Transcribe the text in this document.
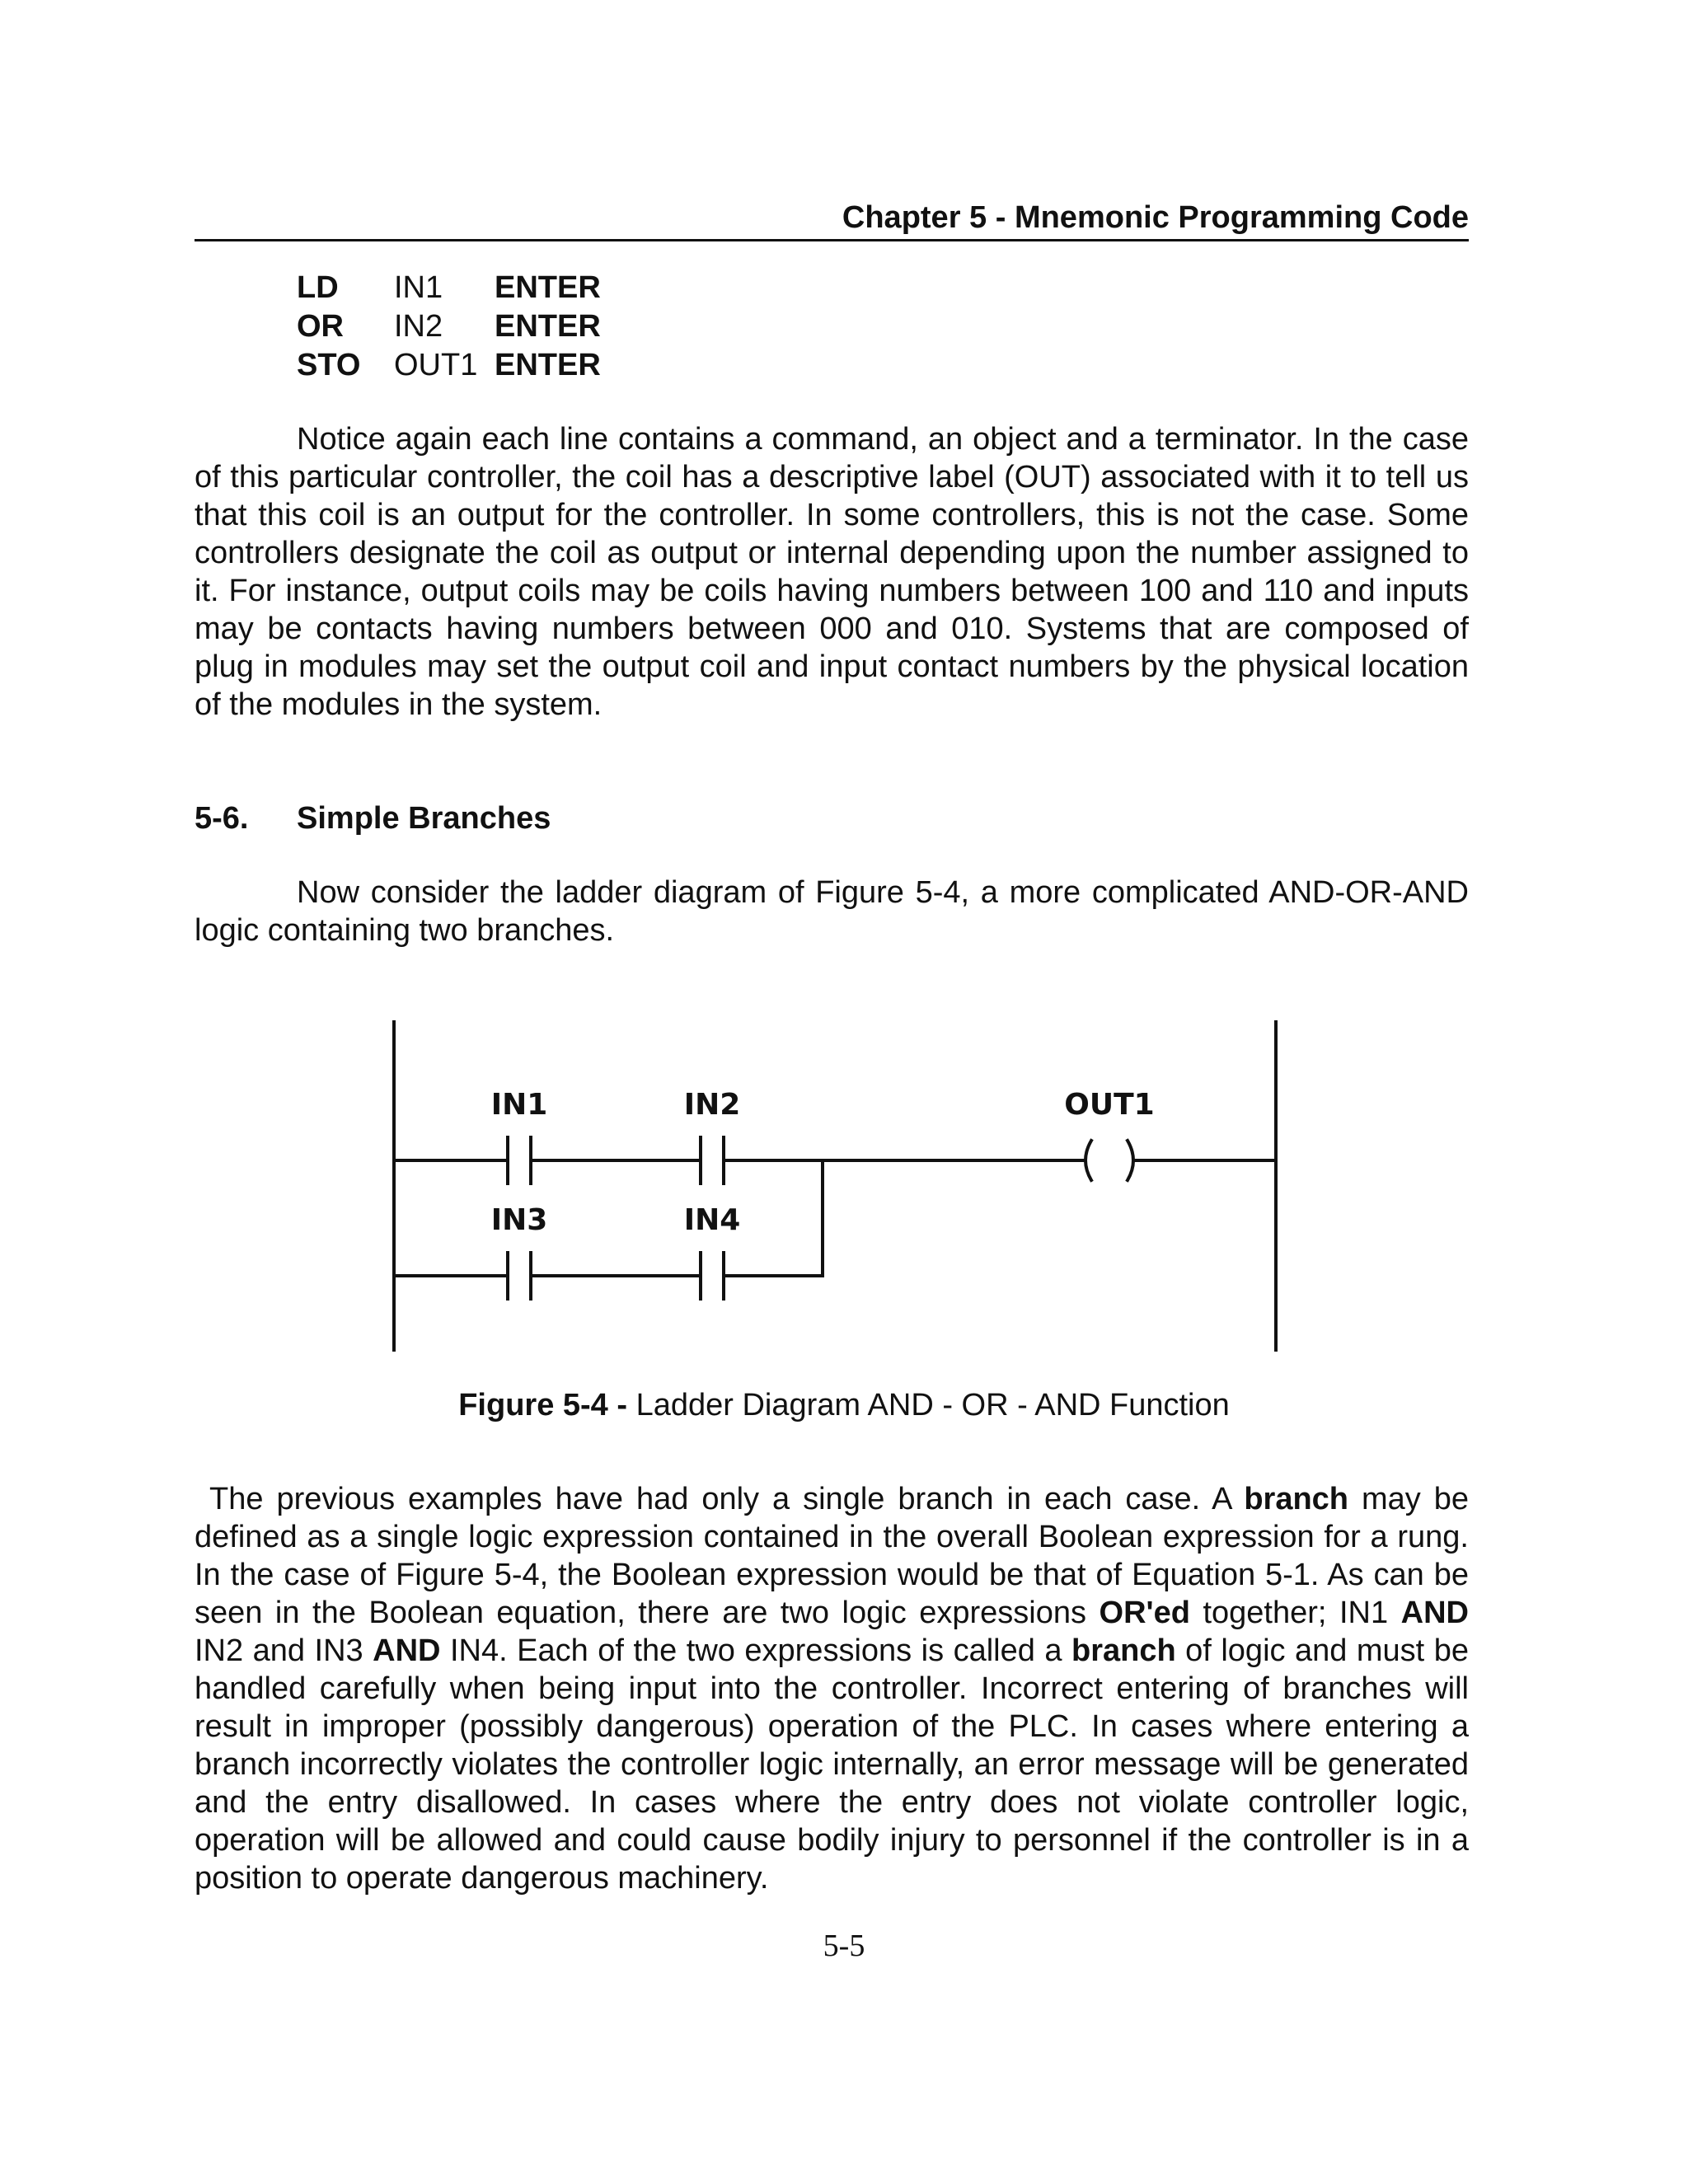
Chapter 5 - Mnemonic Programming Code
LD	IN1	ENTER
OR	IN2	ENTER
STO	OUT1	ENTER

Notice again each line contains a command, an object and a terminator. In the case of this particular controller, the coil has a descriptive label (OUT) associated with it to tell us that this coil is an output for the controller. In some controllers, this is not the case. Some controllers designate the coil as output or internal depending upon the number assigned to it. For instance, output coils may be coils having numbers between 100 and 110 and inputs may be contacts having numbers between 000 and 010. Systems that are composed of plug in modules may set the output coil and input contact numbers by the physical location of the modules in the system.

5-6. Simple Branches

Now consider the ladder diagram of Figure 5-4, a more complicated AND-OR-AND logic containing two branches.

IN1	IN2
IN3	IN4
OUT1
Figure 5-4 - Ladder Diagram AND - OR - AND Function

The previous examples have had only a single branch in each case. A branch may be defined as a single logic expression contained in the overall Boolean expression for a rung. In the case of Figure 5-4, the Boolean expression would be that of Equation 5-1. As can be seen in the Boolean equation, there are two logic expressions OR'ed together; IN1 AND IN2 and IN3 AND IN4. Each of the two expressions is called a branch of logic and must be handled carefully when being input into the controller. Incorrect entering of branches will result in improper (possibly dangerous) operation of the PLC. In cases where entering a branch incorrectly violates the controller logic internally, an error message will be generated and the entry disallowed. In cases where the entry does not violate controller logic, operation will be allowed and could cause bodily injury to personnel if the controller is in a position to operate dangerous machinery.

5-5
